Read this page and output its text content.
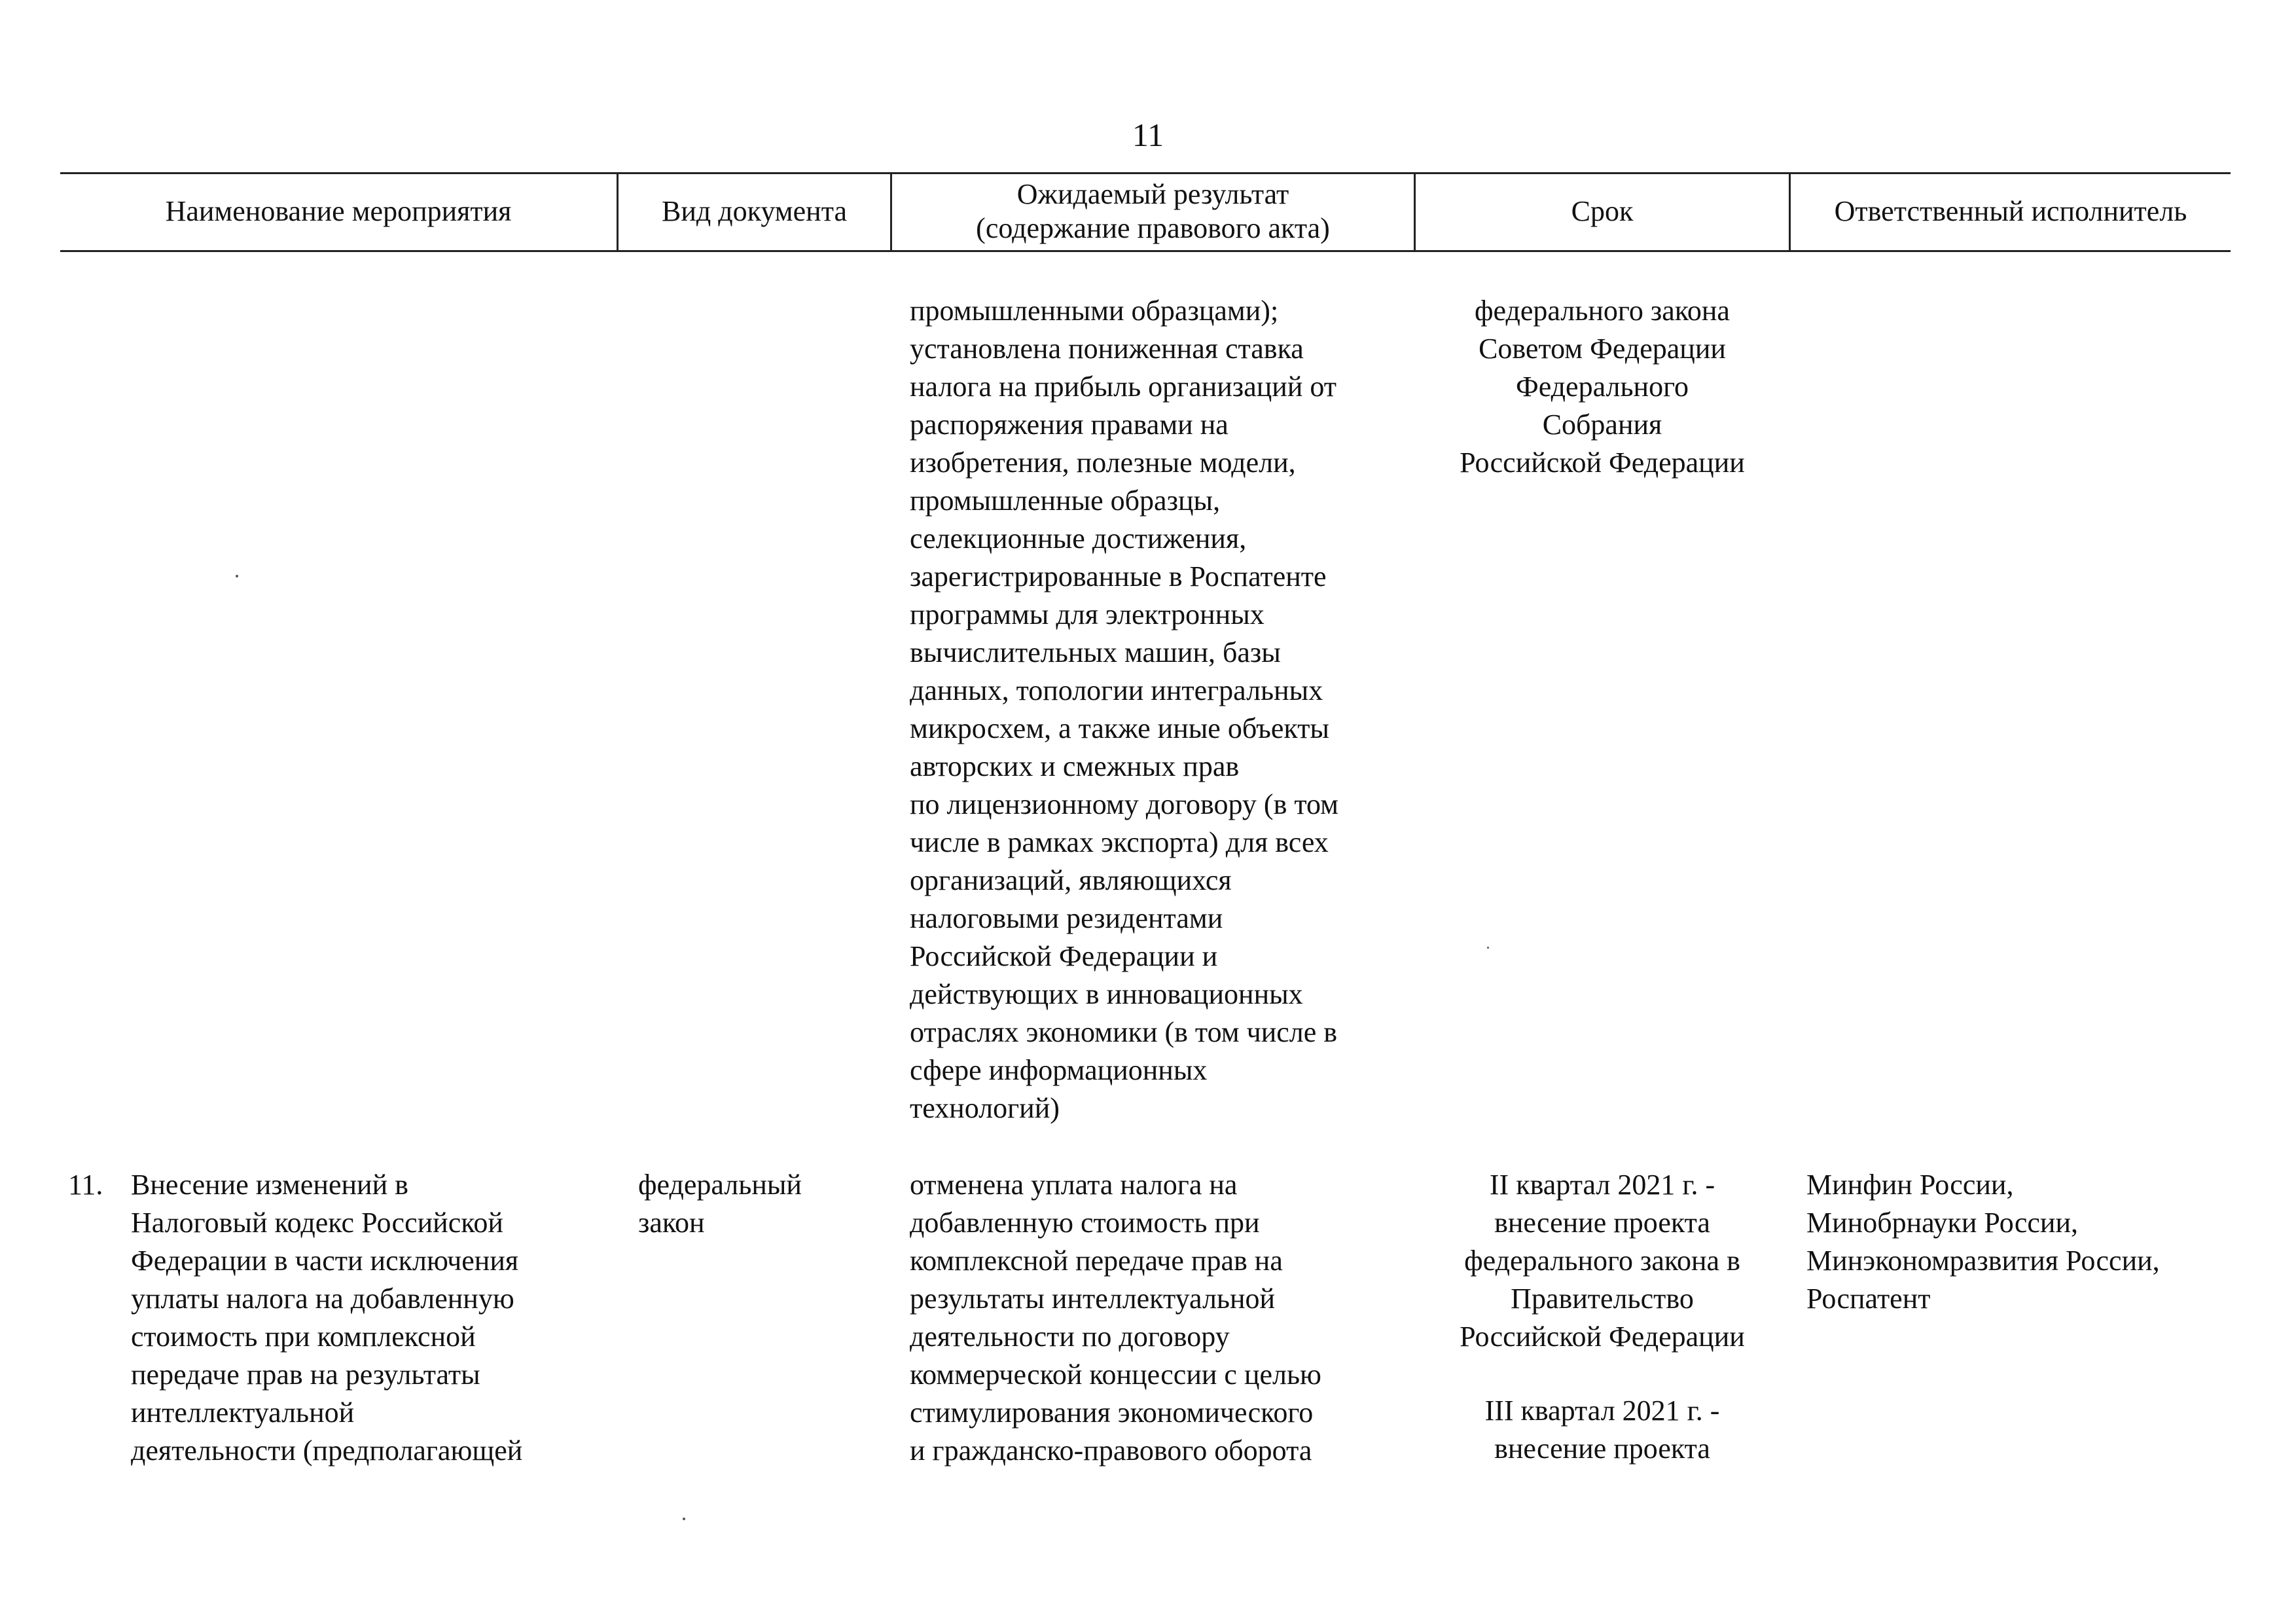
11
Наименование мероприятия	Вид документа
Ожидаемый результат
(содержание правового акта)
Срок	Ответственный исполнитель
промышленными образцами);
установлена пониженная ставка
налога на прибыль организаций от
распоряжения правами на
изобретения, полезные модели,
промышленные образцы,
селекционные достижения,
зарегистрированные в Роспатенте
программы для электронных
вычислительных машин, базы
данных, топологии интегральных
микросхем, а также иные объекты
авторских и смежных прав
по лицензионному договору (в том
числе в рамках экспорта) для всех
организаций, являющихся
налоговыми резидентами
Российской Федерации и
действующих в инновационных
отраслях экономики (в том числе в
сфере информационных
технологий)
федерального закона
Советом Федерации
Федерального
Собрания
Российской Федерации
11. Внесение изменений в
Налоговый кодекс Российской
Федерации в части исключения
уплаты налога на добавленную
стоимость при комплексной
передаче прав на результаты
интеллектуальной
деятельности (предполагающей
федеральный
закон
отменена уплата налога на
добавленную стоимость при
комплексной передаче прав на
результаты интеллектуальной
деятельности по договору
коммерческой концессии с целью
стимулирования экономического
и гражданско-правового оборота
II квартал 2021 г. -
внесение проекта
федерального закона в
Правительство
Российской Федерации
III квартал 2021 г. -
внесение проекта
Минфин России,
Минобрнауки России,
Минэкономразвития России,
Роспатент
